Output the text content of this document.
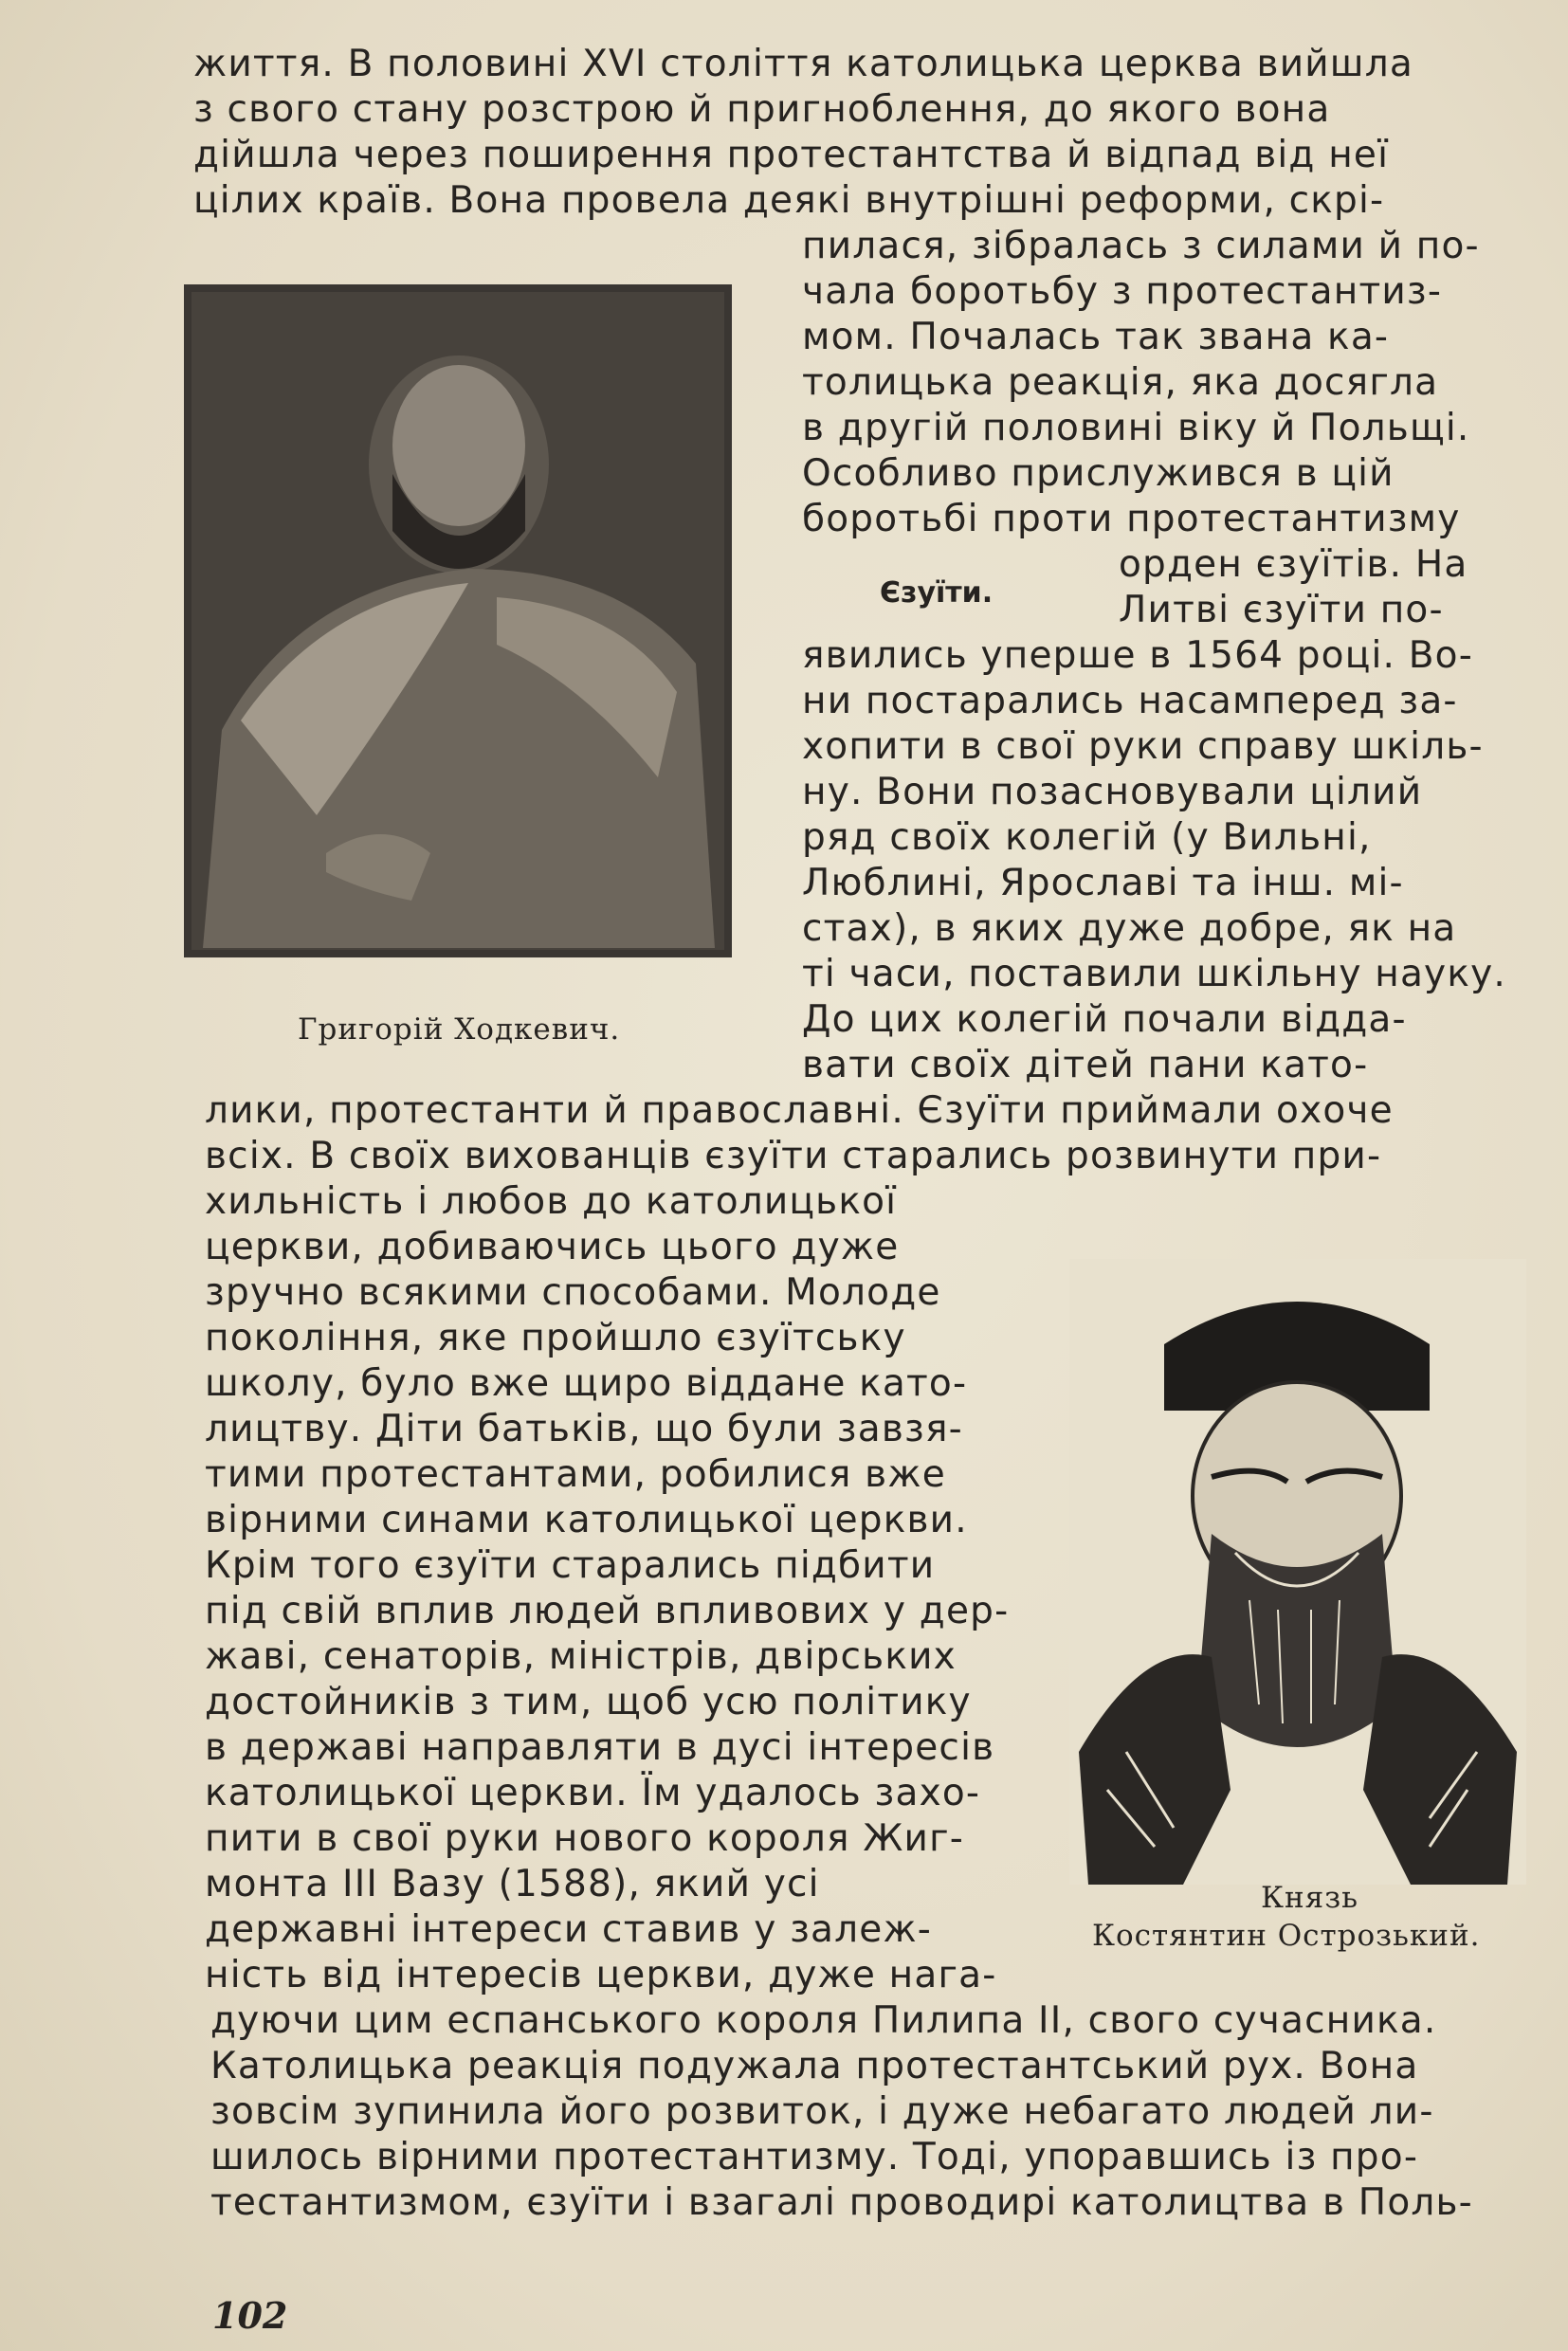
життя. В половині XVI століття католицька церква вийшла

з свого стану розстрою й пригноблення, до якого вона

дійшла через поширення протестантства й відпад від неї

цілих країв. Вона провела деякі внутрішні реформи, скрі-

пилася, зібралась з силами й по-

чала боротьбу з протестантиз-

мом. Почалась так звана ка-

толицька реакція, яка досягла

в другій половині віку й Польщі.

Особливо прислужився в цій

боротьбі проти протестантизму

орден єзуїтів. На

Литві єзуїти по-

явились уперше в 1564 році. Во-

ни постарались насамперед за-

хопити в свої руки справу шкіль-

ну. Вони позасновували цілий

ряд своїх колегій (у Вильні,

Люблині, Ярославі та інш. мі-

стах), в яких дуже добре, як на

ті часи, поставили шкільну науку.

До цих колегій почали відда-

вати своїх дітей пани като-

лики, протестанти й православні. Єзуїти приймали охоче

всіх. В своїх вихованців єзуїти старались розвинути при-

хильність і любов до католицької

церкви, добиваючись цього дуже

зручно всякими способами. Молоде

покоління, яке пройшло єзуїтську

школу, було вже щиро віддане като-

лицтву. Діти батьків, що були завзя-

тими протестантами, робилися вже

вірними синами католицької церкви.

Крім того єзуїти старались підбити

під свій вплив людей впливових у дер-

жаві, сенаторів, міністрів, двірських

достойників з тим, щоб усю політику

в державі направляти в дусі інтересів

католицької церкви. Їм удалось захо-

пити в свої руки нового короля Жиг-

монта III Вазу (1588), який усі

державні інтереси ставив у залеж-

ність від інтересів церкви, дуже нага-

дуючи цим еспанського короля Пилипа II, свого сучасника.

Католицька реакція подужала протестантський рух. Вона

зовсім зупинила його розвиток, і дуже небагато людей ли-

шилось вірними протестантизму. Тоді, упоравшись із про-

тестантизмом, єзуїти і взагалі проводирі католицтва в Поль-

Єзуїти.
Григорій Ходкевич.
Князь
Костянтин Острозький.
102
